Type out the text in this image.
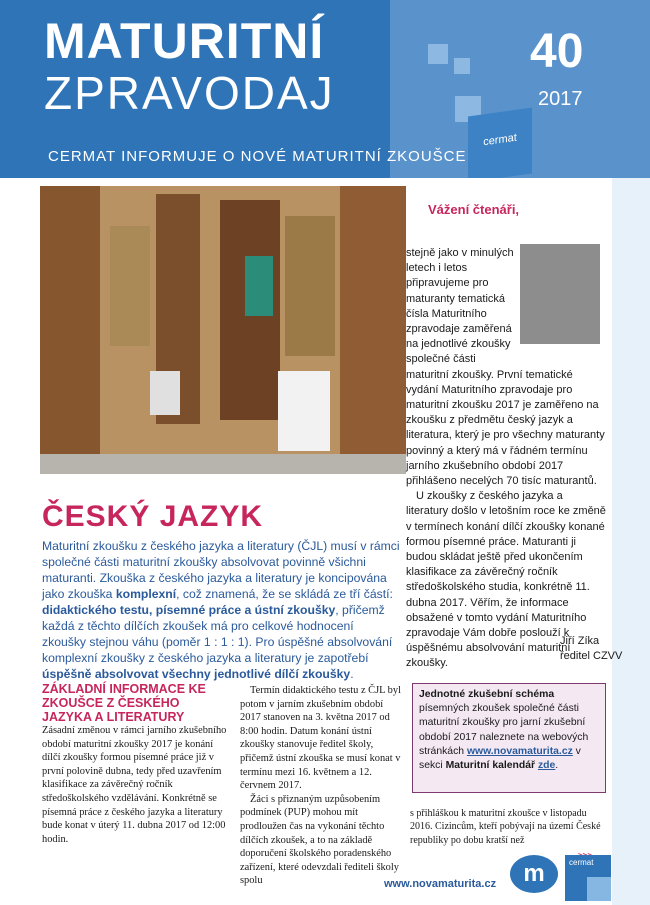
MATURITNÍ
ZPRAVODAJ
CERMAT INFORMUJE O NOVÉ MATURITNÍ ZKOUŠCE
40
2017
cermat
Vážení čtenáři,

stejně jako v minulých letech i letos připravujeme pro maturanty tematická čísla Maturitního zpravodaje zaměřená na jednotlivé zkoušky společné části maturitní zkoušky. První tematické vydání Maturitního zpravodaje pro maturitní zkoušku 2017 je zaměřeno na zkoušku z předmětu český jazyk a literatura, který je pro všechny maturanty povinný a který má v řádném termínu jarního zkušebního období 2017 přihlášeno necelých 70 tisíc maturantů.

U zkoušky z českého jazyka a literatury došlo v letošním roce ke změně v termínech konání dílčí zkoušky konané formou písemné práce. Maturanti ji budou skládat ještě před ukončením klasifikace za závěrečný ročník středoškolského studia, konkrétně 11. dubna 2017. Věřím, že informace obsažené v tomto vydání Maturitního zpravodaje Vám dobře poslouží k úspěšnému absolvování maturitní zkoušky.

Jiří Zíka
ředitel CZVV
ČESKÝ JAZYK
Maturitní zkoušku z českého jazyka a literatury (ČJL) musí v rámci společné části maturitní zkoušky absolvovat povinně všichni maturanti. Zkouška z českého jazyka a literatury je koncipována jako zkouška komplexní, což znamená, že se skládá ze tří částí: didaktického testu, písemné práce a ústní zkoušky, přičemž každá z těchto dílčích zkoušek má pro celkové hodnocení zkoušky stejnou váhu (poměr 1 : 1 : 1). Pro úspěšné absolvování komplexní zkoušky z českého jazyka a literatury je zapotřebí úspěšně absolvovat všechny jednotlivé dílčí zkoušky.
ZÁKLADNÍ INFORMACE KE ZKOUŠCE Z ČESKÉHO JAZYKA A LITERATURY

Zásadní změnou v rámci jarního zkušebního období maturitní zkoušky 2017 je konání dílčí zkoušky formou písemné práce již v první polovině dubna, tedy před uzavřením klasifikace za závěrečný ročník středoškolského vzdělávání. Konkrétně se písemná práce z českého jazyka a literatury bude konat v úterý 11. dubna 2017 od 12:00 hodin.

Termín didaktického testu z ČJL byl potom v jarním zkušebním období 2017 stanoven na 3. května 2017 od 8:00 hodin. Datum konání ústní zkoušky stanovuje ředitel školy, přičemž ústní zkouška se musí konat v termínu mezi 16. květnem a 12. červnem 2017.

Žáci s přiznaným uzpůsobením podmínek (PUP) mohou mít prodloužen čas na vykonání těchto dílčích zkoušek, a to na základě doporučení školského poradenského zařízení, které odevzdali řediteli školy spolu

s přihláškou k maturitní zkoušce v listopadu 2016. Cizincům, kteří pobývají na území České republiky po dobu kratší než

Jednotné zkušební schéma písemných zkoušek společné části maturitní zkoušky pro jarní zkušební období 2017 naleznete na webových stránkách www.novamaturita.cz v sekci Maturitní kalendář zde.
www.novamaturita.cz	m	cermat
